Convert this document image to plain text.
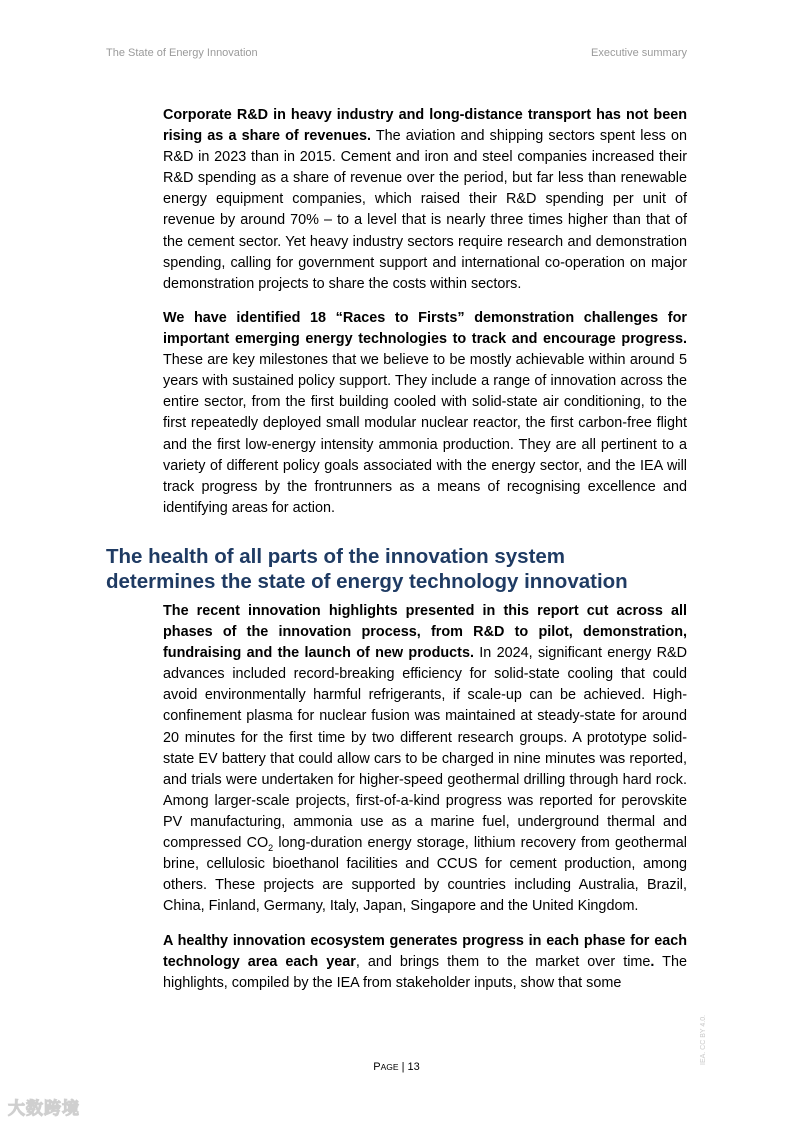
The State of Energy Innovation	Executive summary

Corporate R&D in heavy industry and long-distance transport has not been rising as a share of revenues. The aviation and shipping sectors spent less on R&D in 2023 than in 2015. Cement and iron and steel companies increased their R&D spending as a share of revenue over the period, but far less than renewable energy equipment companies, which raised their R&D spending per unit of revenue by around 70% – to a level that is nearly three times higher than that of the cement sector. Yet heavy industry sectors require research and demonstration spending, calling for government support and international co-operation on major demonstration projects to share the costs within sectors.

We have identified 18 “Races to Firsts” demonstration challenges for important emerging energy technologies to track and encourage progress. These are key milestones that we believe to be mostly achievable within around 5 years with sustained policy support. They include a range of innovation across the entire sector, from the first building cooled with solid-state air conditioning, to the first repeatedly deployed small modular nuclear reactor, the first carbon-free flight and the first low-energy intensity ammonia production. They are all pertinent to a variety of different policy goals associated with the energy sector, and the IEA will track progress by the frontrunners as a means of recognising excellence and identifying areas for action.

The health of all parts of the innovation system
determines the state of energy technology innovation

The recent innovation highlights presented in this report cut across all phases of the innovation process, from R&D to pilot, demonstration, fundraising and the launch of new products. In 2024, significant energy R&D advances included record-breaking efficiency for solid-state cooling that could avoid environmentally harmful refrigerants, if scale-up can be achieved. High-confinement plasma for nuclear fusion was maintained at steady-state for around 20 minutes for the first time by two different research groups. A prototype solid-state EV battery that could allow cars to be charged in nine minutes was reported, and trials were undertaken for higher-speed geothermal drilling through hard rock. Among larger-scale projects, first-of-a-kind progress was reported for perovskite PV manufacturing, ammonia use as a marine fuel, underground thermal and compressed $CO_2$ long-duration energy storage, lithium recovery from geothermal brine, cellulosic bioethanol facilities and CCUS for cement production, among others. These projects are supported by countries including Australia, Brazil, China, Finland, Germany, Italy, Japan, Singapore and the United Kingdom.

A healthy innovation ecosystem generates progress in each phase for each technology area each year, and brings them to the market over time. The highlights, compiled by the IEA from stakeholder inputs, show that some

PAGE | 13
IEA. CC BY 4.0.
大数跨境
